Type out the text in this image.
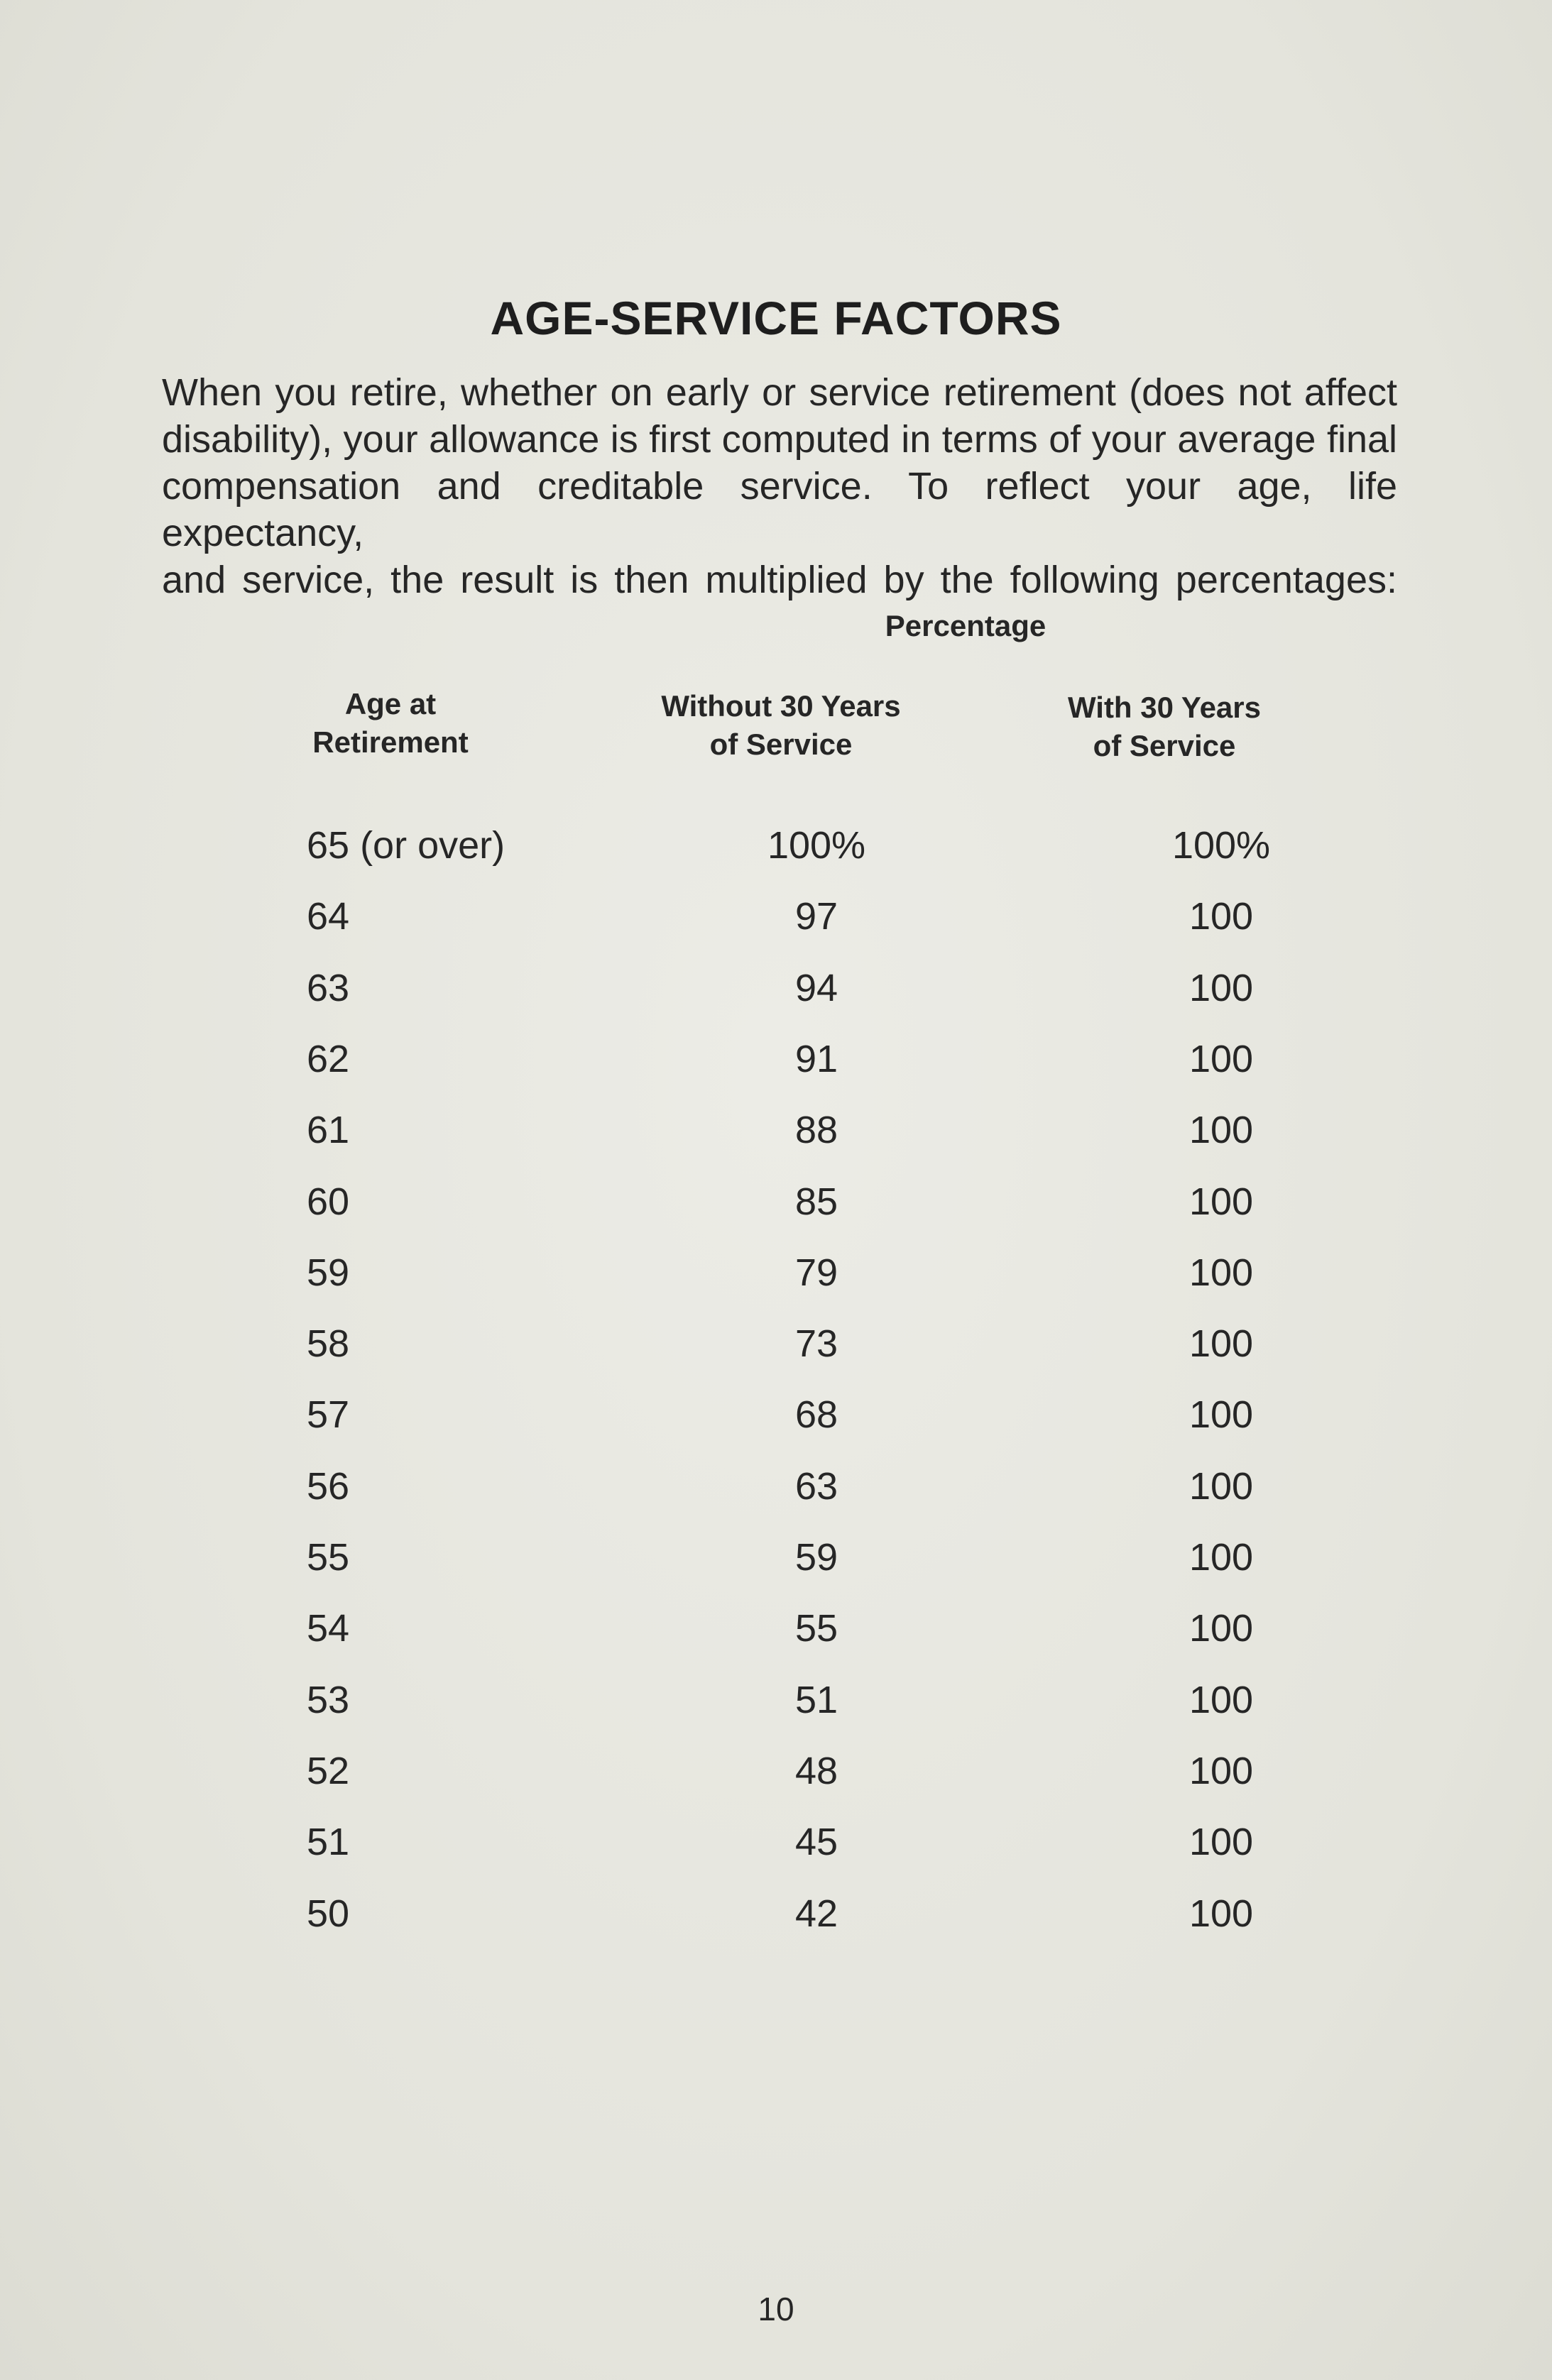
AGE-SERVICE FACTORS
When you retire, whether on early or service retirement (does not affect
disability), your allowance is first computed in terms of your average final
compensation and creditable service. To reflect your age, life expectancy,
and service, the result is then multiplied by the following percentages:
Percentage
Age at
Retirement
Without 30 Years
of Service
With 30 Years
of Service
65 (or over)	100%	100%
64	97	100
63	94	100
62	91	100
61	88	100
60	85	100
59	79	100
58	73	100
57	68	100
56	63	100
55	59	100
54	55	100
53	51	100
52	48	100
51	45	100
50	42	100
10
